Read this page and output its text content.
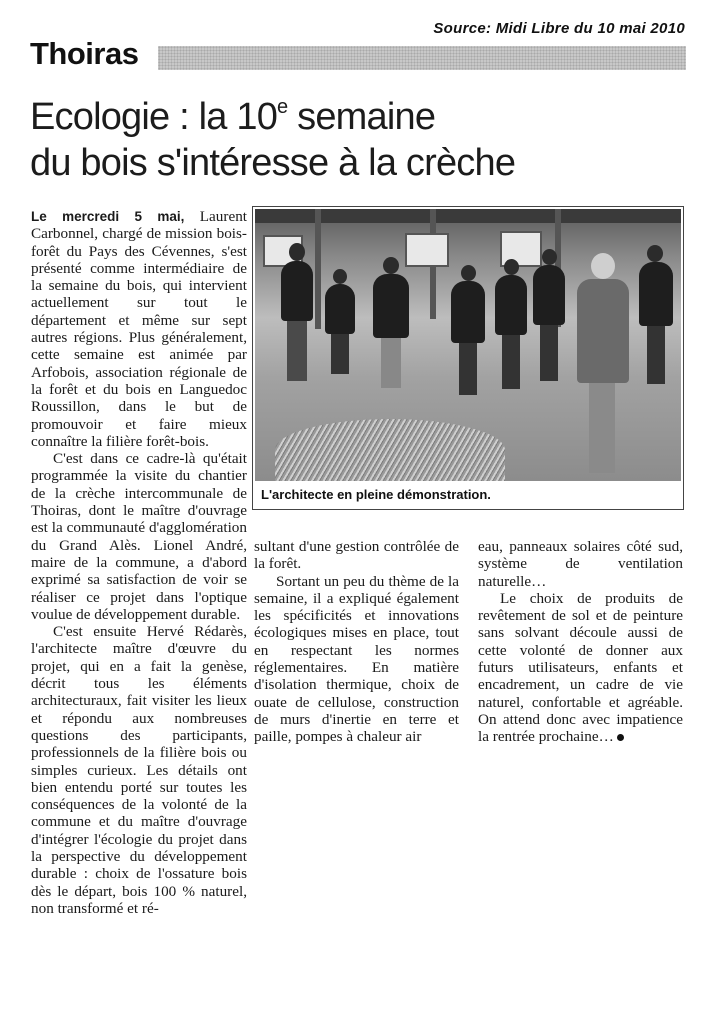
Source: Midi Libre du 10 mai 2010
Thoiras
Ecologie : la 10e semaine
du bois s'intéresse à la crèche

Le mercredi 5 mai, Laurent Carbonnel, chargé de mission bois-forêt du Pays des Cévennes, s'est présenté comme intermédiaire de la semaine du bois, qui intervient actuellement sur tout le département et même sur sept autres régions. Plus généralement, cette semaine est animée par Arfobois, association régionale de la forêt et du bois en Languedoc Roussillon, dans le but de promouvoir et faire mieux connaître la filière forêt-bois.

C'est dans ce cadre-là qu'était programmée la visite du chantier de la crèche intercommunale de Thoiras, dont le maître d'ouvrage est la communauté d'agglomération du Grand Alès. Lionel André, maire de la commune, a d'abord exprimé sa satisfaction de voir se réaliser ce projet dans l'optique voulue de développement durable.

C'est ensuite Hervé Rédarès, l'architecte maître d'œuvre du projet, qui en a fait la genèse, décrit tous les éléments architecturaux, fait visiter les lieux et répondu aux nombreuses questions des participants, professionnels de la filière bois ou simples curieux. Les détails ont bien entendu porté sur toutes les conséquences de la volonté de la commune et du maître d'ouvrage d'intégrer l'écologie du projet dans la perspective du développement durable : choix de l'ossature bois dès le départ, bois 100 % naturel, non transformé et ré-

L'architecte en pleine démonstration.

sultant d'une gestion contrôlée de la forêt.

Sortant un peu du thème de la semaine, il a expliqué également les spécificités et innovations écologiques mises en place, tout en respectant les normes réglementaires. En matière d'isolation thermique, choix de ouate de cellulose, construction de murs d'inertie en terre et paille, pompes à chaleur air

eau, panneaux solaires côté sud, système de ventilation naturelle…

Le choix de produits de revêtement de sol et de peinture sans solvant découle aussi de cette volonté de donner aux futurs utilisateurs, enfants et encadrement, un cadre de vie naturel, confortable et agréable. On attend donc avec impatience la rentrée prochaine…
